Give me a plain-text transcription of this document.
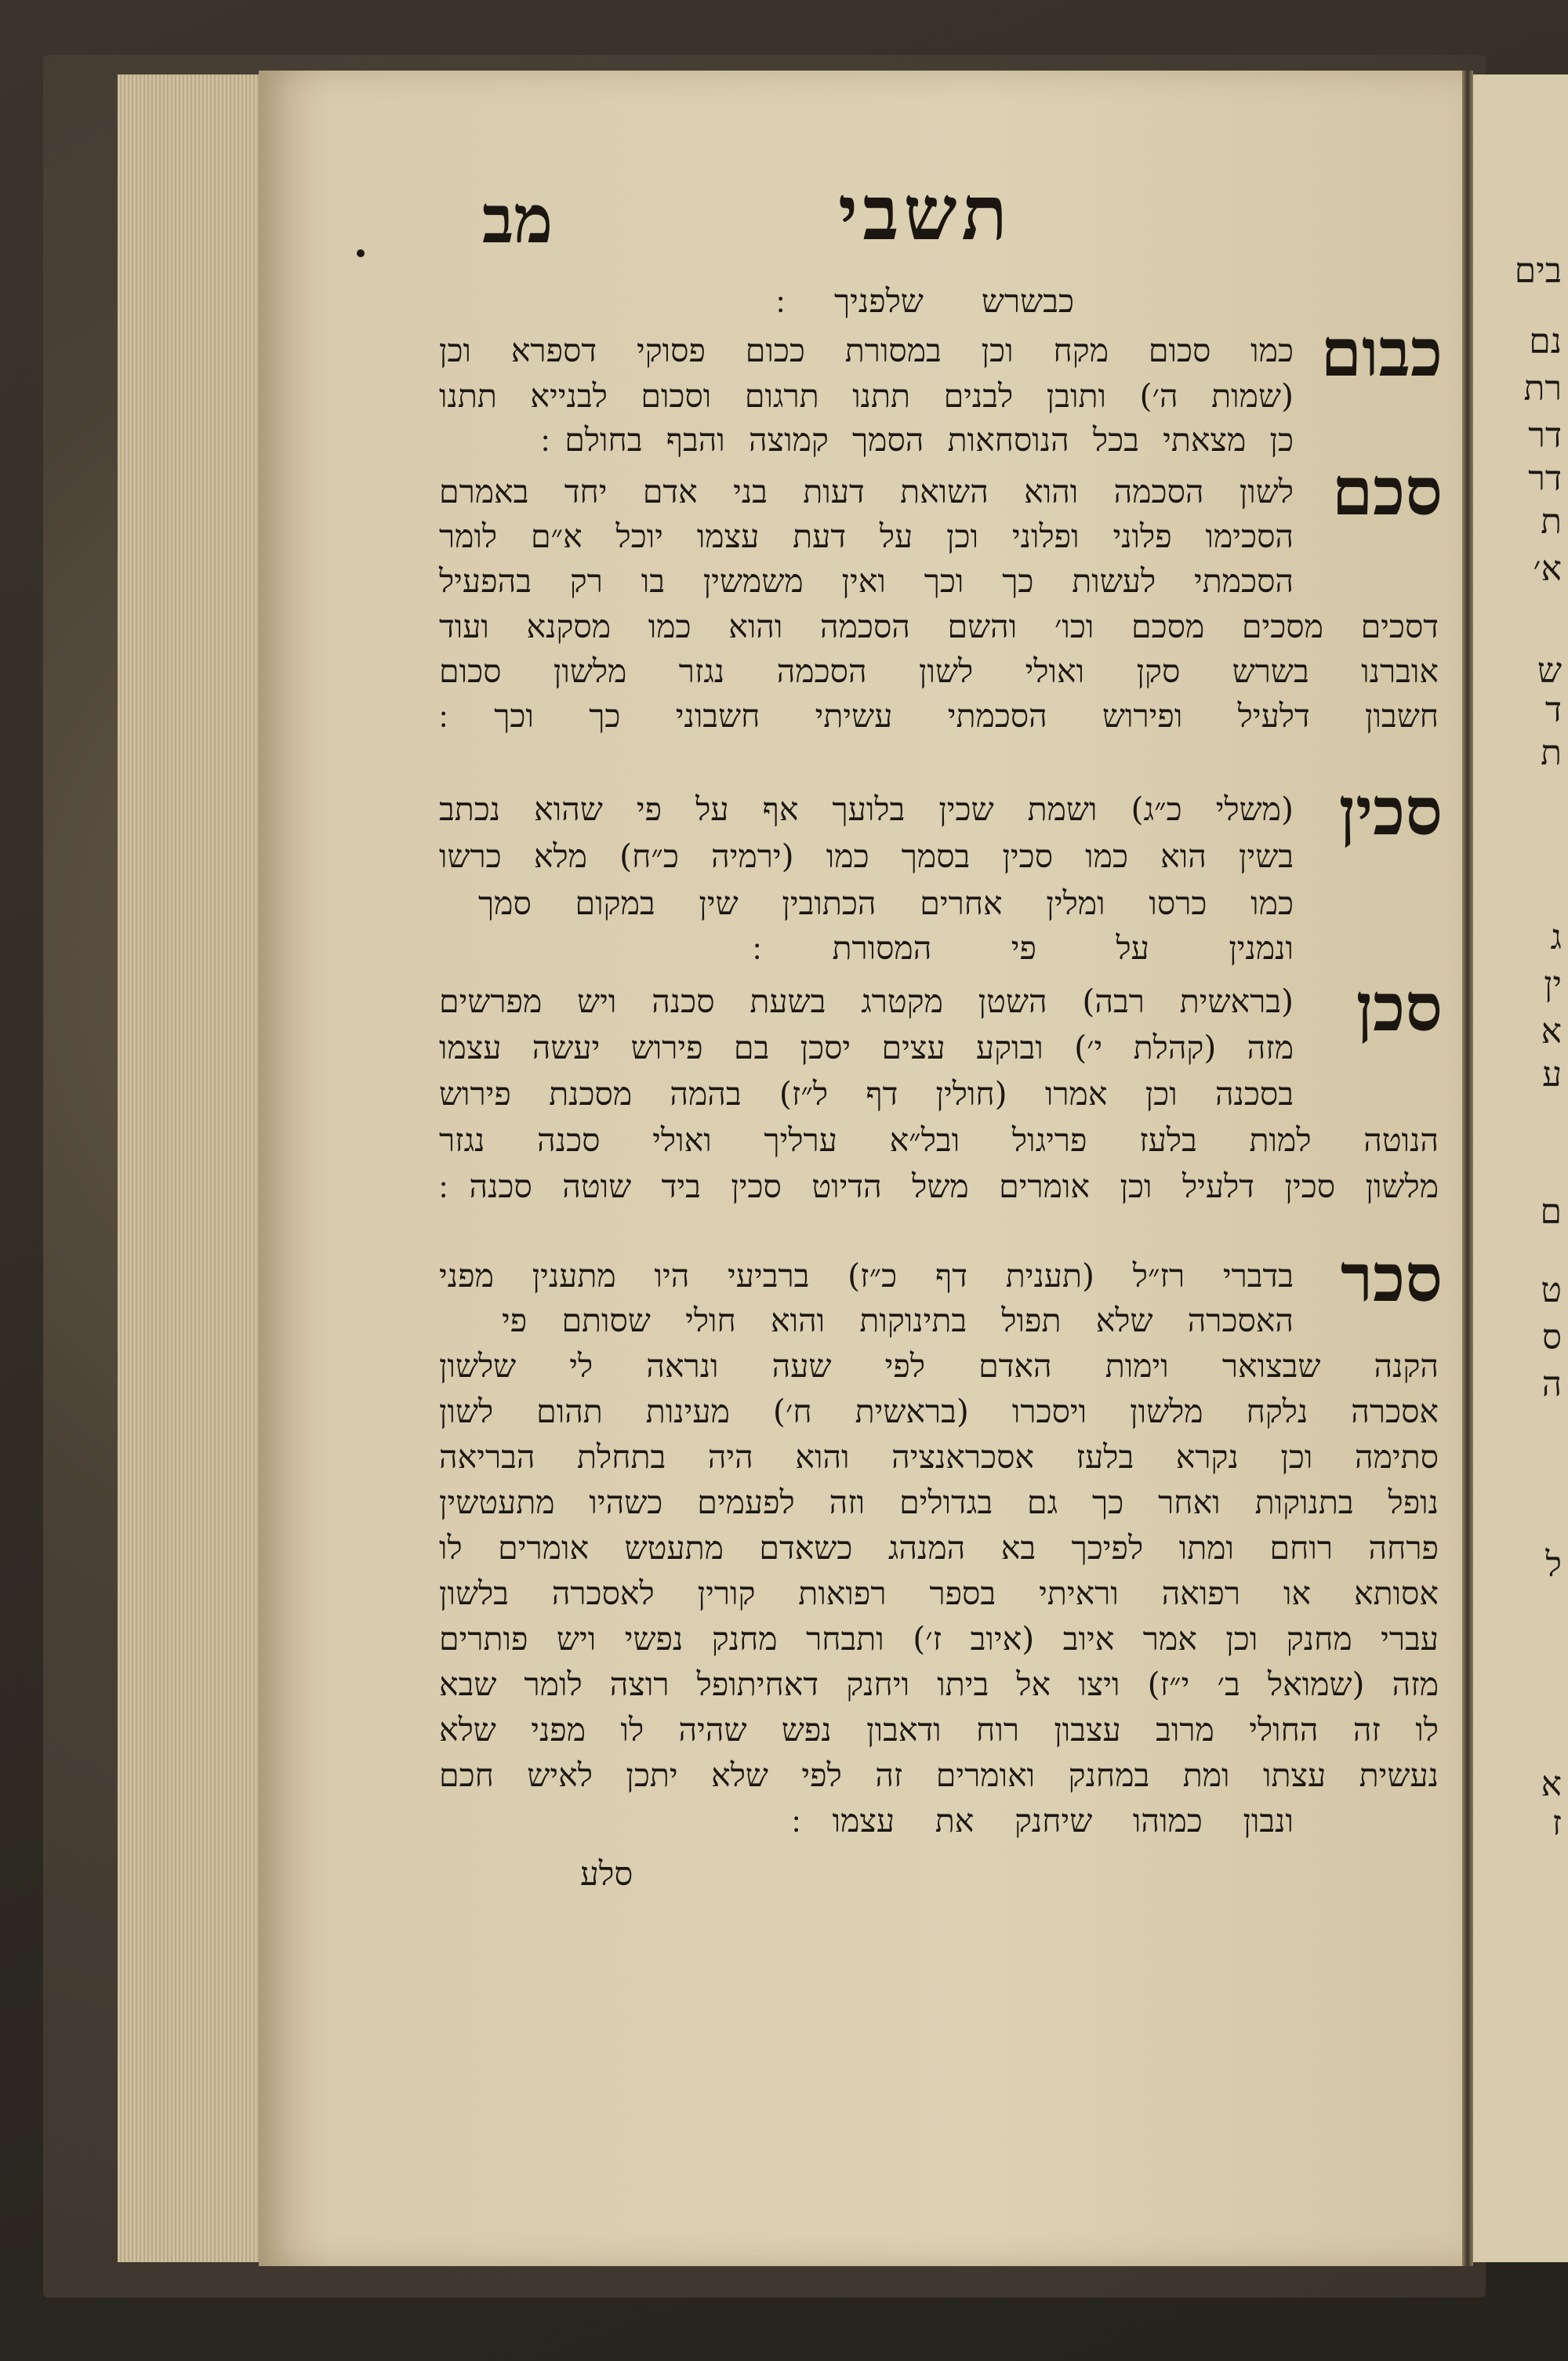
בים
נם
רת
דר
דר
ת
א׳
ש
ד
ת
ג
ין
א
ע
ם
ט
ס
ה
ל
א
ז
תשבי
מב
כבשרש שלפניך ׃
כבום
כמו סכום מקח וכן במסורת ככום פסוקי דספרא וכן
(שמות ה׳) ותובן לבנים תתנו תרגום וסכום לבנייא תתנו
כן מצאתי בכל הנוסחאות הסמך קמוצה והבף בחולם ׃
סכם
לשון הסכמה והוא השואת דעות בני אדם יחד באמרם
הסכימו פלוני ופלוני וכן על דעת עצמו יוכל א״ם לומר
הסכמתי לעשות כך וכך ואין משמשין בו רק בהפעיל
דסכים מסכים מסכם וכו׳ והשם הסכמה והוא כמו מסקנא ועוד
אוברנו בשרש סקן ואולי לשון הסכמה נגזר מלשון סכום
חשבון דלעיל ופירוש הסכמתי עשיתי חשבוני כך וכך ׃
סכין
(משלי כ״ג) ושמת שכין בלועך אף על פי שהוא נכתב
בשין הוא כמו סכין בסמך כמו (ירמיה כ״ח) מלא כרשו
כמו כרסו ומלין אחרים הכתובין שין במקום סמך
ונמנין על פי המסורת ׃
סכן
(בראשית רבה) השטן מקטרג בשעת סכנה ויש מפרשים
מזה (קהלת י׳) ובוקע עצים יסכן בם פירוש יעשה עצמו
בסכנה וכן אמרו (חולין דף ל״ז) בהמה מסכנת פירוש
הנוטה למות בלעז פריגול ובל״א ערליך ואולי סכנה נגזר
מלשון סכין דלעיל וכן אומרים משל הדיוט סכין ביד שוטה סכנה ׃
סכר
בדברי רז״ל (תענית דף כ״ז) ברביעי היו מתענין מפני
האסכרה שלא תפול בתינוקות והוא חולי שסותם פי
הקנה שבצואר וימות האדם לפי שעה ונראה לי שלשון
אסכרה נלקח מלשון ויסכרו (בראשית ח׳) מעינות תהום לשון
סתימה וכן נקרא בלעז אסכראנציה והוא היה בתחלת הבריאה
נופל בתנוקות ואחר כך גם בגדולים וזה לפעמים כשהיו מתעטשין
פרחה רוחם ומתו לפיכך בא המנהג כשאדם מתעטש אומרים לו
אסותא או רפואה וראיתי בספר רפואות קורין לאסכרה בלשון
עברי מחנק וכן אמר איוב (איוב ז׳) ותבחר מחנק נפשי ויש פותרים
מזה (שמואל ב׳ י״ז) ויצו אל ביתו ויחנק דאחיתופל רוצה לומר שבא
לו זה החולי מרוב עצבון רוח ודאבון נפש שהיה לו מפני שלא
נעשית עצתו ומת במחנק ואומרים זה לפי שלא יתכן לאיש חכם
ונבון כמוהו שיחנק את עצמו ׃
סלע
